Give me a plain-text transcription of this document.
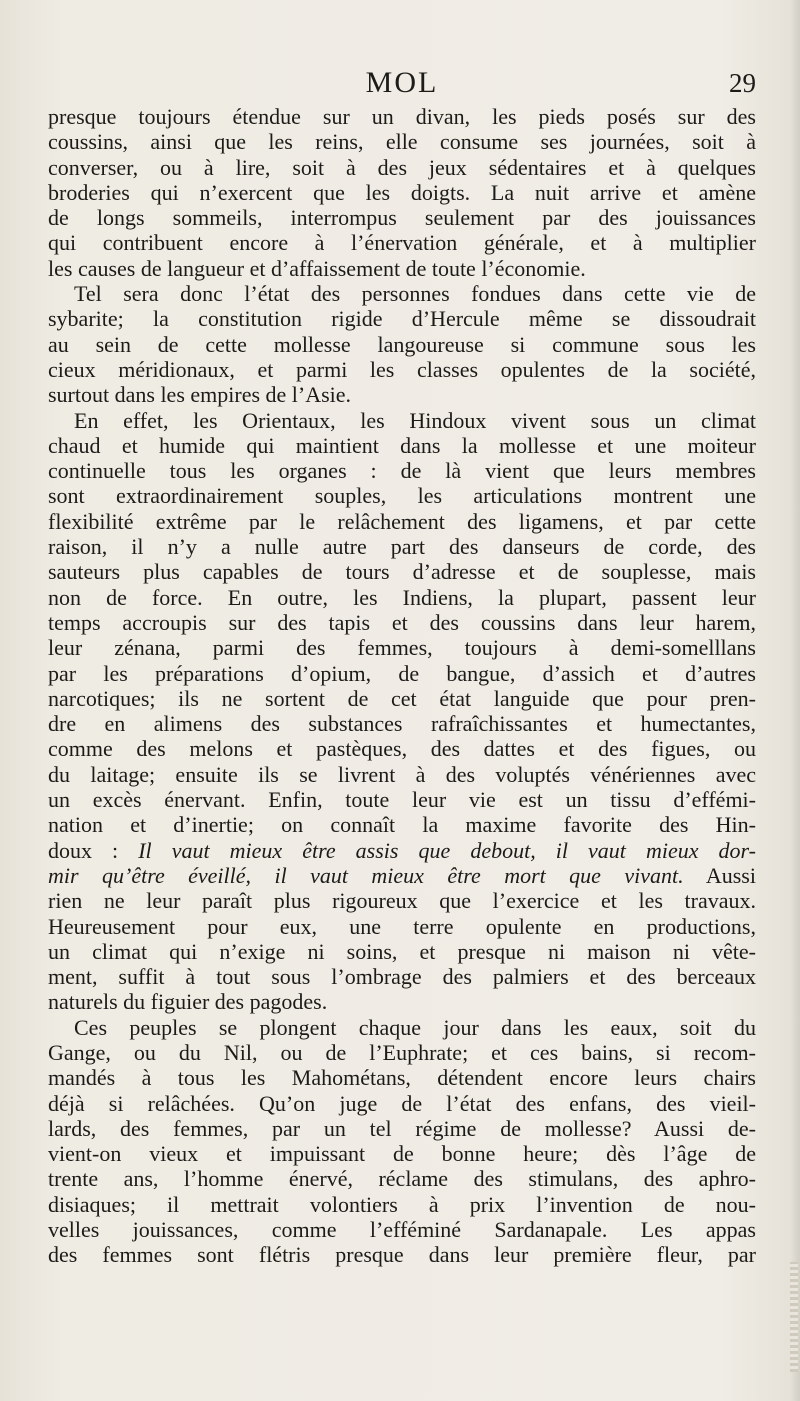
MOL	29
presque toujours étendue sur un divan, les pieds posés sur des
coussins, ainsi que les reins, elle consume ses journées, soit à
converser, ou à lire, soit à des jeux sédentaires et à quelques
broderies qui n’exercent que les doigts. La nuit arrive et amène
de longs sommeils, interrompus seulement par des jouissances
qui contribuent encore à l’énervation générale, et à multiplier
les causes de langueur et d’affaissement de toute l’économie.
Tel sera donc l’état des personnes fondues dans cette vie de
sybarite; la constitution rigide d’Hercule même se dissoudrait
au sein de cette mollesse langoureuse si commune sous les
cieux méridionaux, et parmi les classes opulentes de la société,
surtout dans les empires de l’Asie.
En effet, les Orientaux, les Hindoux vivent sous un climat
chaud et humide qui maintient dans la mollesse et une moiteur
continuelle tous les organes : de là vient que leurs membres
sont extraordinairement souples, les articulations montrent une
flexibilité extrême par le relâchement des ligamens, et par cette
raison, il n’y a nulle autre part des danseurs de corde, des
sauteurs plus capables de tours d’adresse et de souplesse, mais
non de force. En outre, les Indiens, la plupart, passent leur
temps accroupis sur des tapis et des coussins dans leur harem,
leur zénana, parmi des femmes, toujours à demi-somelllans
par les préparations d’opium, de bangue, d’assich et d’autres
narcotiques; ils ne sortent de cet état languide que pour pren-
dre en alimens des substances rafraîchissantes et humectantes,
comme des melons et pastèques, des dattes et des figues, ou
du laitage; ensuite ils se livrent à des voluptés vénériennes avec
un excès énervant. Enfin, toute leur vie est un tissu d’effémi-
nation et d’inertie; on connaît la maxime favorite des Hin-
doux : Il vaut mieux être assis que debout, il vaut mieux dor-
mir qu’être éveillé, il vaut mieux être mort que vivant. Aussi
rien ne leur paraît plus rigoureux que l’exercice et les travaux.
Heureusement pour eux, une terre opulente en productions,
un climat qui n’exige ni soins, et presque ni maison ni vête-
ment, suffit à tout sous l’ombrage des palmiers et des berceaux
naturels du figuier des pagodes.
Ces peuples se plongent chaque jour dans les eaux, soit du
Gange, ou du Nil, ou de l’Euphrate; et ces bains, si recom-
mandés à tous les Mahométans, détendent encore leurs chairs
déjà si relâchées. Qu’on juge de l’état des enfans, des vieil-
lards, des femmes, par un tel régime de mollesse? Aussi de-
vient-on vieux et impuissant de bonne heure; dès l’âge de
trente ans, l’homme énervé, réclame des stimulans, des aphro-
disiaques; il mettrait volontiers à prix l’invention de nou-
velles jouissances, comme l’efféminé Sardanapale. Les appas
des femmes sont flétris presque dans leur première fleur, par
